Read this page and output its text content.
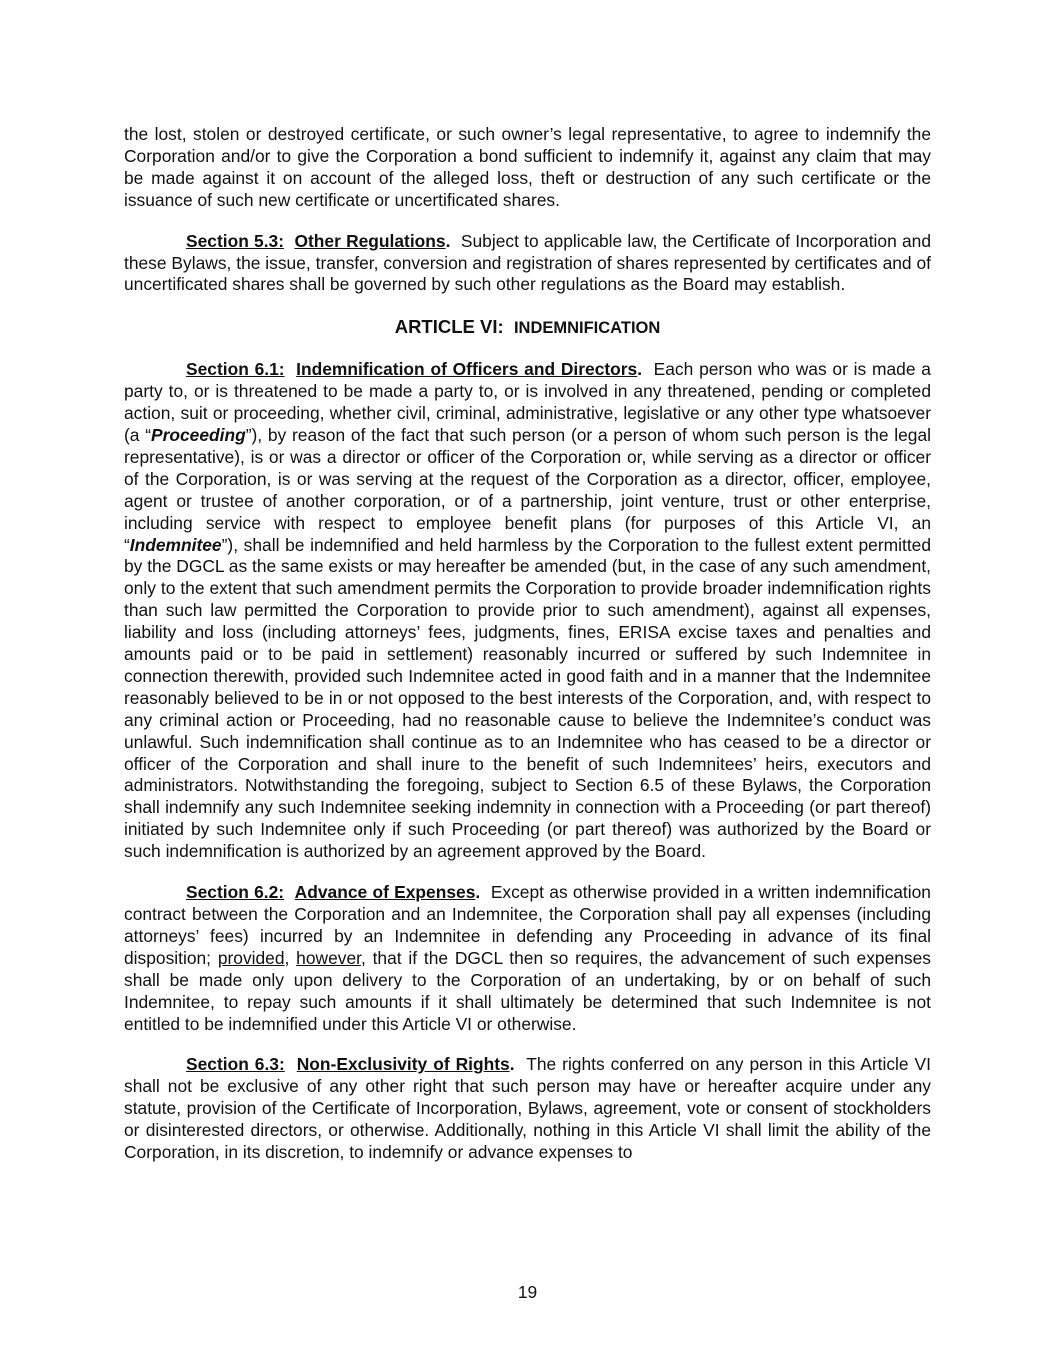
the lost, stolen or destroyed certificate, or such owner’s legal representative, to agree to indemnify the Corporation and/or to give the Corporation a bond sufficient to indemnify it, against any claim that may be made against it on account of the alleged loss, theft or destruction of any such certificate or the issuance of such new certificate or uncertificated shares.

Section 5.3: Other Regulations. Subject to applicable law, the Certificate of Incorporation and these Bylaws, the issue, transfer, conversion and registration of shares represented by certificates and of uncertificated shares shall be governed by such other regulations as the Board may establish.

ARTICLE VI: INDEMNIFICATION

Section 6.1: Indemnification of Officers and Directors. Each person who was or is made a party to, or is threatened to be made a party to, or is involved in any threatened, pending or completed action, suit or proceeding, whether civil, criminal, administrative, legislative or any other type whatsoever (a “Proceeding”), by reason of the fact that such person (or a person of whom such person is the legal representative), is or was a director or officer of the Corporation or, while serving as a director or officer of the Corporation, is or was serving at the request of the Corporation as a director, officer, employee, agent or trustee of another corporation, or of a partnership, joint venture, trust or other enterprise, including service with respect to employee benefit plans (for purposes of this Article VI, an “Indemnitee”), shall be indemnified and held harmless by the Corporation to the fullest extent permitted by the DGCL as the same exists or may hereafter be amended (but, in the case of any such amendment, only to the extent that such amendment permits the Corporation to provide broader indemnification rights than such law permitted the Corporation to provide prior to such amendment), against all expenses, liability and loss (including attorneys’ fees, judgments, fines, ERISA excise taxes and penalties and amounts paid or to be paid in settlement) reasonably incurred or suffered by such Indemnitee in connection therewith, provided such Indemnitee acted in good faith and in a manner that the Indemnitee reasonably believed to be in or not opposed to the best interests of the Corporation, and, with respect to any criminal action or Proceeding, had no reasonable cause to believe the Indemnitee’s conduct was unlawful. Such indemnification shall continue as to an Indemnitee who has ceased to be a director or officer of the Corporation and shall inure to the benefit of such Indemnitees’ heirs, executors and administrators. Notwithstanding the foregoing, subject to Section 6.5 of these Bylaws, the Corporation shall indemnify any such Indemnitee seeking indemnity in connection with a Proceeding (or part thereof) initiated by such Indemnitee only if such Proceeding (or part thereof) was authorized by the Board or such indemnification is authorized by an agreement approved by the Board.

Section 6.2: Advance of Expenses. Except as otherwise provided in a written indemnification contract between the Corporation and an Indemnitee, the Corporation shall pay all expenses (including attorneys’ fees) incurred by an Indemnitee in defending any Proceeding in advance of its final disposition; provided, however, that if the DGCL then so requires, the advancement of such expenses shall be made only upon delivery to the Corporation of an undertaking, by or on behalf of such Indemnitee, to repay such amounts if it shall ultimately be determined that such Indemnitee is not entitled to be indemnified under this Article VI or otherwise.

Section 6.3: Non-Exclusivity of Rights. The rights conferred on any person in this Article VI shall not be exclusive of any other right that such person may have or hereafter acquire under any statute, provision of the Certificate of Incorporation, Bylaws, agreement, vote or consent of stockholders or disinterested directors, or otherwise. Additionally, nothing in this Article VI shall limit the ability of the Corporation, in its discretion, to indemnify or advance expenses to

19
